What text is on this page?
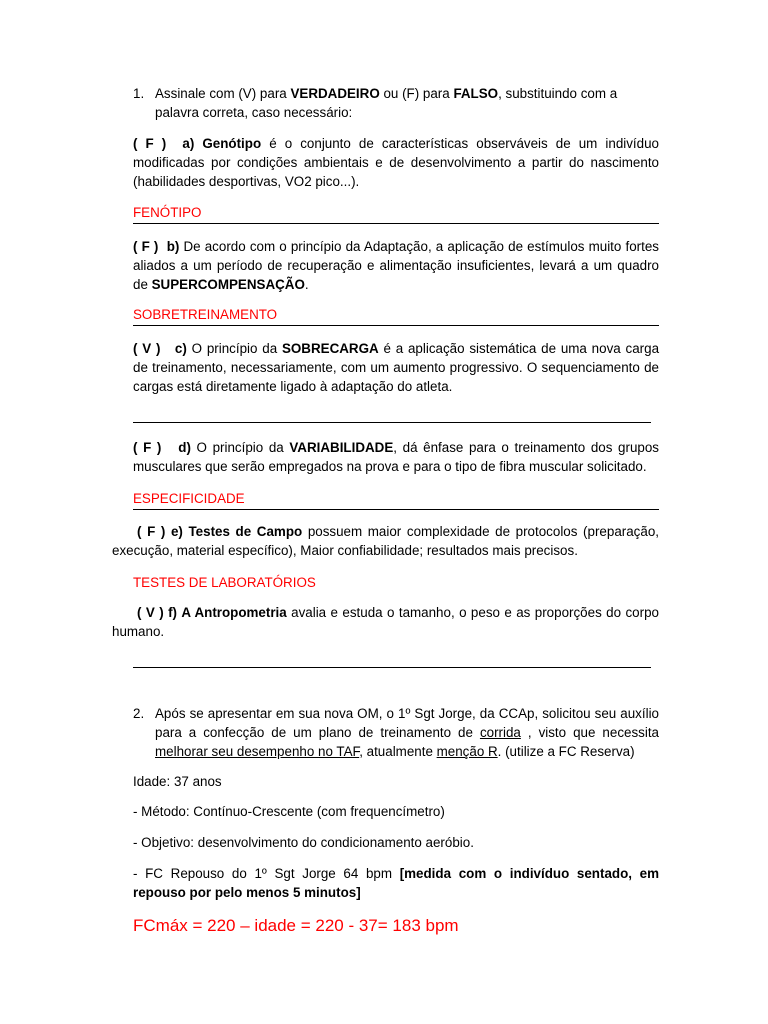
1. Assinale com (V) para VERDADEIRO ou (F) para FALSO, substituindo com a palavra correta, caso necessário:
( F ) a) Genótipo é o conjunto de características observáveis de um indivíduo modificadas por condições ambientais e de desenvolvimento a partir do nascimento (habilidades desportivas, VO2 pico...).
FENÓTIPO
( F ) b) De acordo com o princípio da Adaptação, a aplicação de estímulos muito fortes aliados a um período de recuperação e alimentação insuficientes, levará a um quadro de SUPERCOMPENSAÇÃO.
SOBRETREINAMENTO
( V ) c) O princípio da SOBRECARGA é a aplicação sistemática de uma nova carga de treinamento, necessariamente, com um aumento progressivo. O sequenciamento de cargas está diretamente ligado à adaptação do atleta.
( F ) d) O princípio da VARIABILIDADE, dá ênfase para o treinamento dos grupos musculares que serão empregados na prova e para o tipo de fibra muscular solicitado.
ESPECIFICIDADE
( F ) e) Testes de Campo possuem maior complexidade de protocolos (preparação, execução, material específico), Maior confiabilidade; resultados mais precisos.
TESTES DE LABORATÓRIOS
( V ) f) A Antropometria avalia e estuda o tamanho, o peso e as proporções do corpo humano.
2. Após se apresentar em sua nova OM, o 1º Sgt Jorge, da CCAp, solicitou seu auxílio para a confecção de um plano de treinamento de corrida , visto que necessita melhorar seu desempenho no TAF, atualmente menção R. (utilize a FC Reserva)
Idade: 37 anos
- Método: Contínuo-Crescente (com frequencímetro)
- Objetivo: desenvolvimento do condicionamento aeróbio.
- FC Repouso do 1º Sgt Jorge 64 bpm [medida com o indivíduo sentado, em repouso por pelo menos 5 minutos]
FCmáx = 220 – idade = 220 - 37= 183 bpm
